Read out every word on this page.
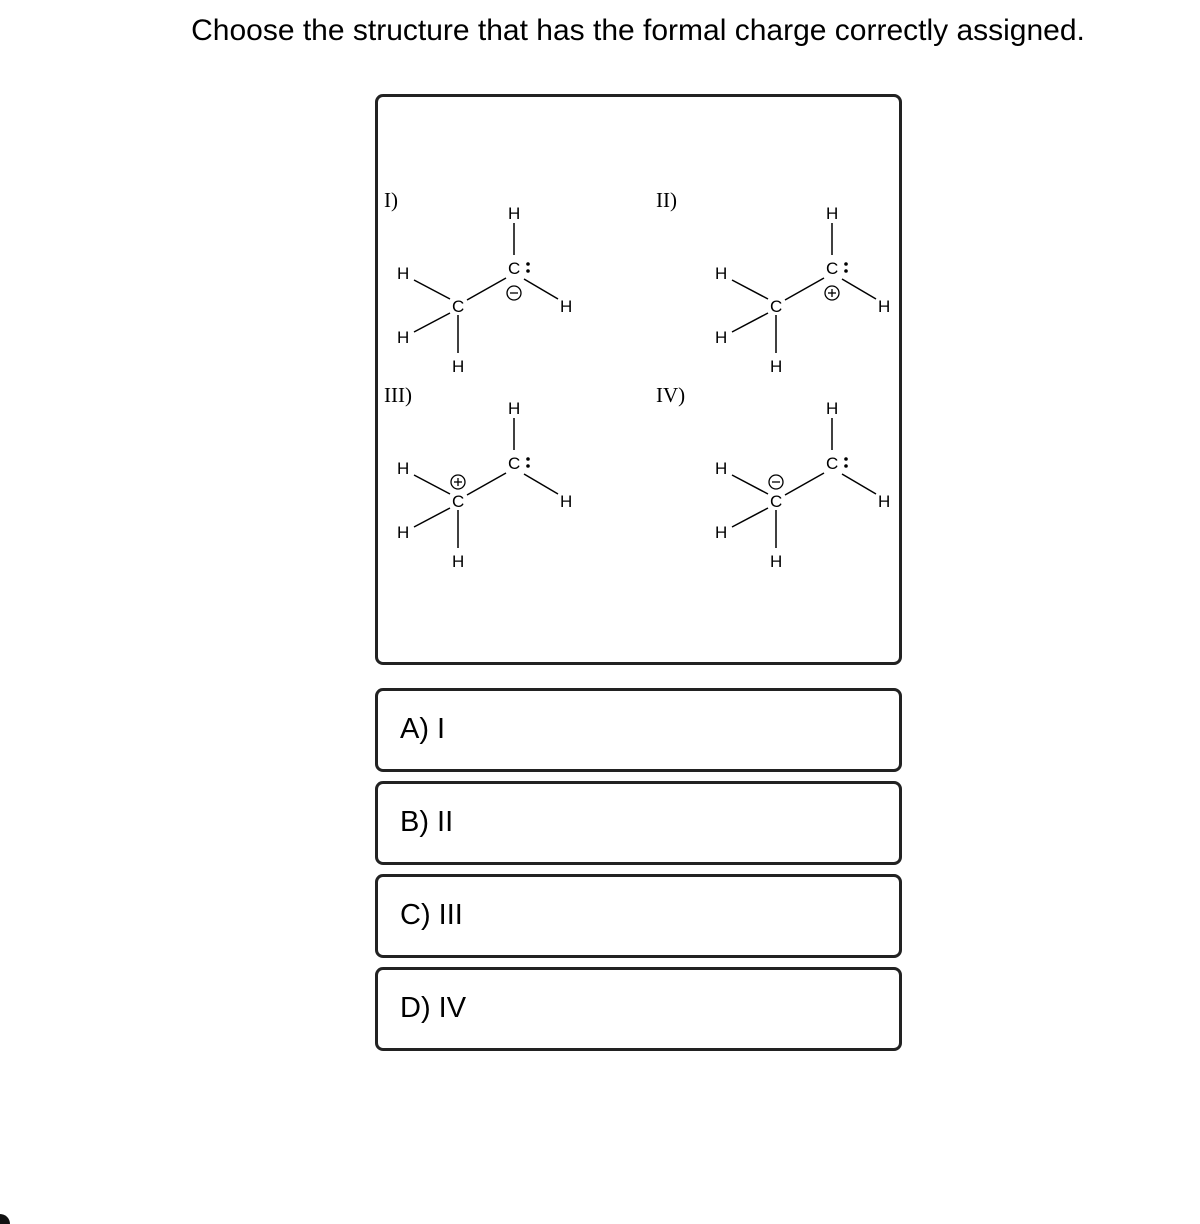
Choose the structure that has the formal charge correctly assigned.
I)
H
H
C
H
C
H
H
II)
H
H
C
H
C
H
H
III)
H
H
C
H
C
H
H
IV)
H
H
C
H
C
H
H
A) I
B) II
C) III
D) IV
